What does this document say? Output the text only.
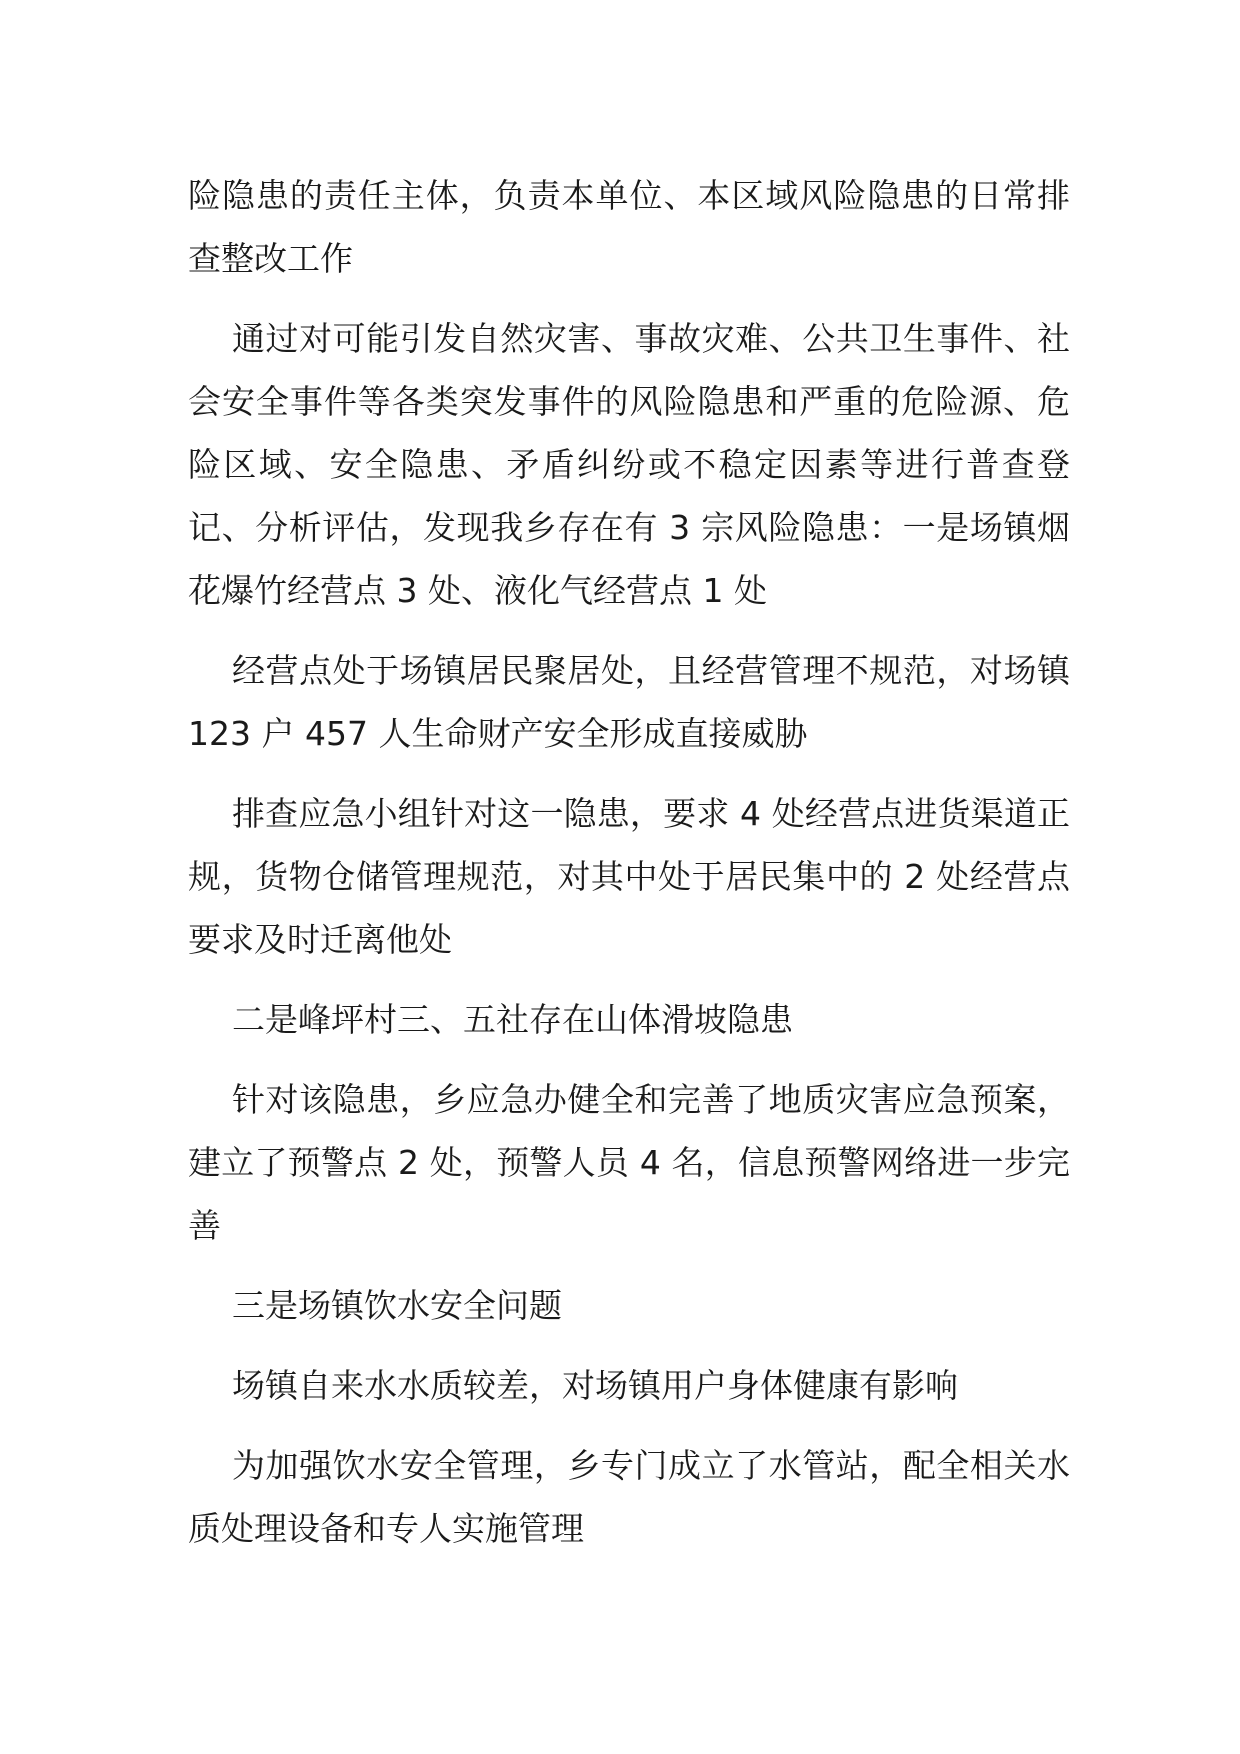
险隐患的责任主体，负责本单位、本区域风险隐患的日常排查整改工作

通过对可能引发自然灾害、事故灾难、公共卫生事件、社会安全事件等各类突发事件的风险隐患和严重的危险源、危险区域、安全隐患、矛盾纠纷或不稳定因素等进行普查登记、分析评估，发现我乡存在有 3 宗风险隐患：一是场镇烟花爆竹经营点 3 处、液化气经营点 1 处

经营点处于场镇居民聚居处，且经营管理不规范，对场镇 123 户 457 人生命财产安全形成直接威胁

排查应急小组针对这一隐患，要求 4 处经营点进货渠道正规，货物仓储管理规范，对其中处于居民集中的 2 处经营点要求及时迁离他处

二是峰坪村三、五社存在山体滑坡隐患

针对该隐患，乡应急办健全和完善了地质灾害应急预案，建立了预警点 2 处，预警人员 4 名，信息预警网络进一步完善

三是场镇饮水安全问题

场镇自来水水质较差，对场镇用户身体健康有影响

为加强饮水安全管理，乡专门成立了水管站，配全相关水质处理设备和专人实施管理
